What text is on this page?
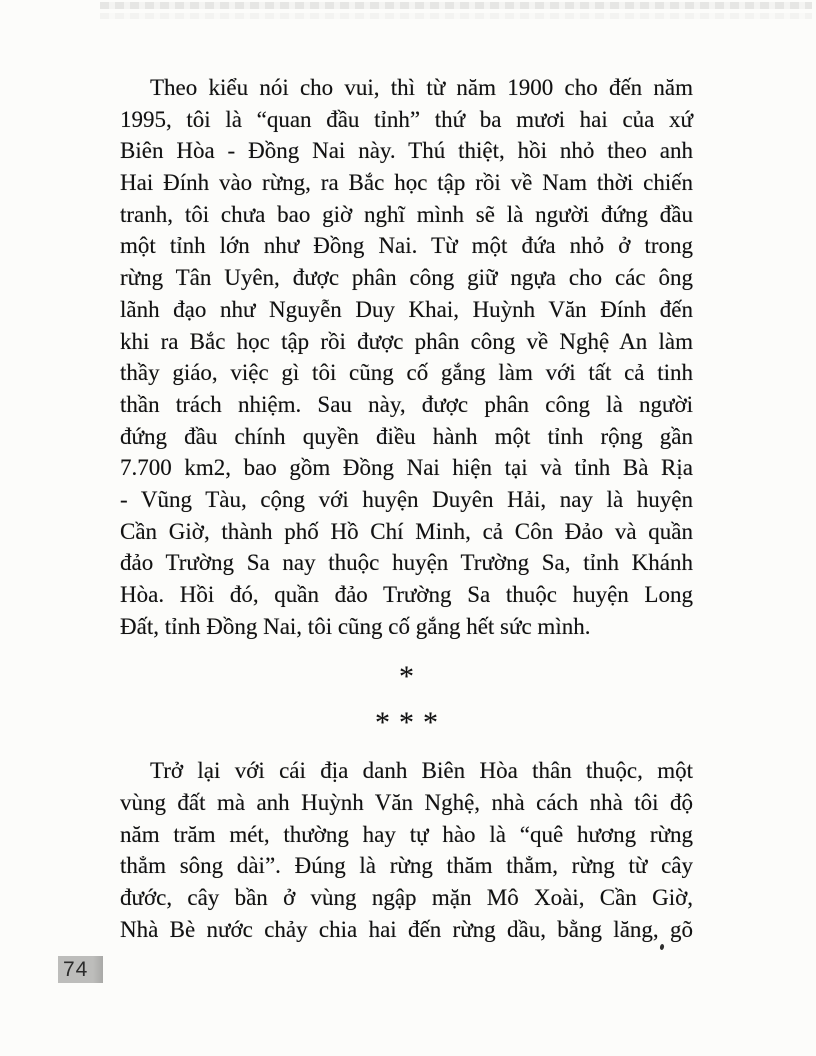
Theo kiểu nói cho vui, thì từ năm 1900 cho đến năm
1995, tôi là “quan đầu tỉnh” thứ ba mươi hai của xứ
Biên Hòa - Đồng Nai này. Thú thiệt, hồi nhỏ theo anh
Hai Đính vào rừng, ra Bắc học tập rồi về Nam thời chiến
tranh, tôi chưa bao giờ nghĩ mình sẽ là người đứng đầu
một tỉnh lớn như Đồng Nai. Từ một đứa nhỏ ở trong
rừng Tân Uyên, được phân công giữ ngựa cho các ông
lãnh đạo như Nguyễn Duy Khai, Huỳnh Văn Đính đến
khi ra Bắc học tập rồi được phân công về Nghệ An làm
thầy giáo, việc gì tôi cũng cố gắng làm với tất cả tinh
thần trách nhiệm. Sau này, được phân công là người
đứng đầu chính quyền điều hành một tỉnh rộng gần
7.700 km2, bao gồm Đồng Nai hiện tại và tỉnh Bà Rịa
- Vũng Tàu, cộng với huyện Duyên Hải, nay là huyện
Cần Giờ, thành phố Hồ Chí Minh, cả Côn Đảo và quần
đảo Trường Sa nay thuộc huyện Trường Sa, tỉnh Khánh
Hòa. Hồi đó, quần đảo Trường Sa thuộc huyện Long
Đất, tỉnh Đồng Nai, tôi cũng cố gắng hết sức mình.
*
***
Trở lại với cái địa danh Biên Hòa thân thuộc, một
vùng đất mà anh Huỳnh Văn Nghệ, nhà cách nhà tôi độ
năm trăm mét, thường hay tự hào là “quê hương rừng
thẳm sông dài”. Đúng là rừng thăm thẳm, rừng từ cây
đước, cây bần ở vùng ngập mặn Mô Xoài, Cần Giờ,
Nhà Bè nước chảy chia hai đến rừng dầu, bằng lăng, gõ
74
